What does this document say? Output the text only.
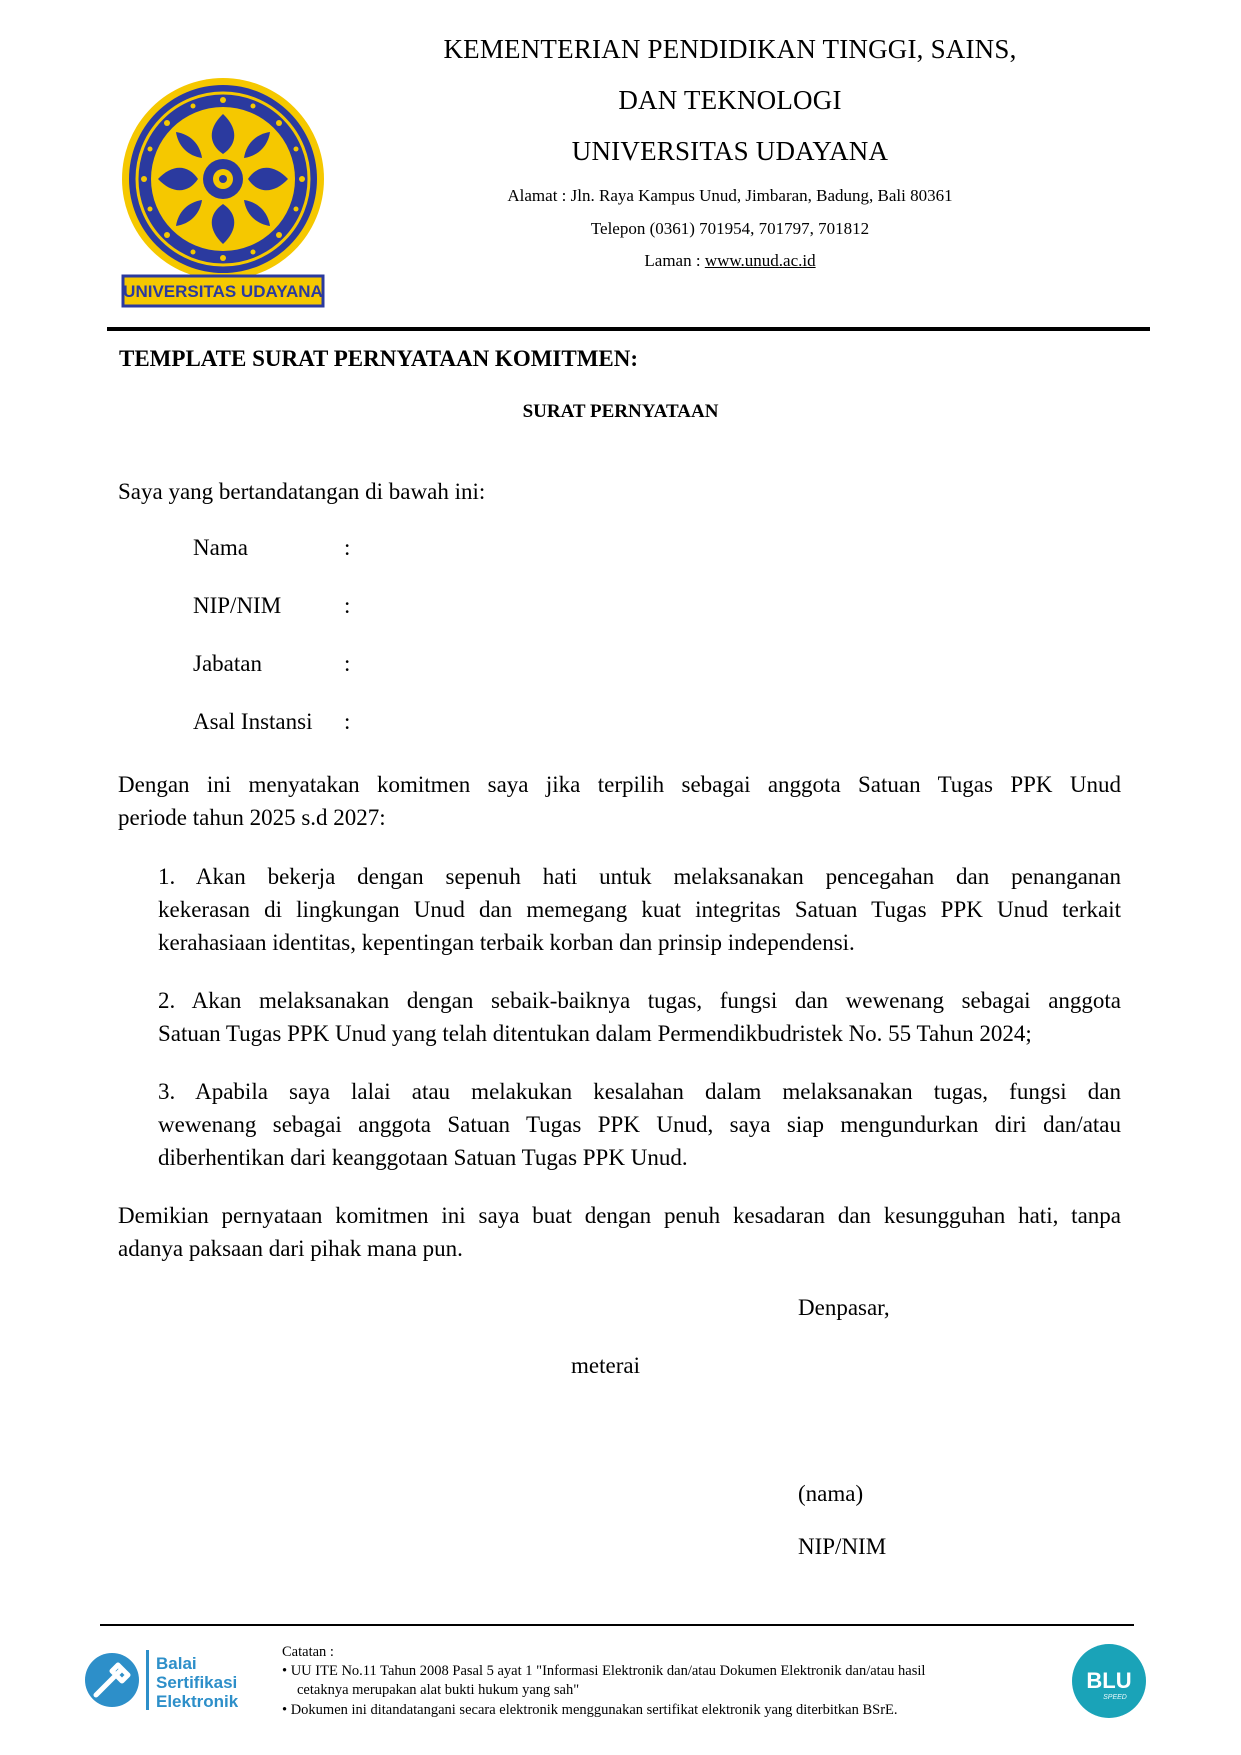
UNIVERSITAS UDAYANA
KEMENTERIAN PENDIDIKAN TINGGI, SAINS,
DAN TEKNOLOGI
UNIVERSITAS UDAYANA
Alamat : Jln. Raya Kampus Unud, Jimbaran, Badung, Bali 80361
Telepon (0361) 701954, 701797, 701812
Laman : www.unud.ac.id
TEMPLATE SURAT PERNYATAAN KOMITMEN:
SURAT PERNYATAAN
Saya yang bertandatangan di bawah ini:
Nama	:
NIP/NIM	:
Jabatan	:
Asal Instansi :
Dengan ini menyatakan komitmen saya jika terpilih sebagai anggota Satuan Tugas PPK Unud
periode tahun 2025 s.d 2027:
1. Akan bekerja dengan sepenuh hati untuk melaksanakan pencegahan dan penanganan
kekerasan di lingkungan Unud dan memegang kuat integritas Satuan Tugas PPK Unud terkait
kerahasiaan identitas, kepentingan terbaik korban dan prinsip independensi.
2. Akan melaksanakan dengan sebaik-baiknya tugas, fungsi dan wewenang sebagai anggota
Satuan Tugas PPK Unud yang telah ditentukan dalam Permendikbudristek No. 55 Tahun 2024;
3. Apabila saya lalai atau melakukan kesalahan dalam melaksanakan tugas, fungsi dan
wewenang sebagai anggota Satuan Tugas PPK Unud, saya siap mengundurkan diri dan/atau
diberhentikan dari keanggotaan Satuan Tugas PPK Unud.
Demikian pernyataan komitmen ini saya buat dengan penuh kesadaran dan kesungguhan hati, tanpa
adanya paksaan dari pihak mana pun.
Denpasar,
meterai
(nama)
NIP/NIM
Balai
Sertifikasi
Elektronik
Catatan :
• UU ITE No.11 Tahun 2008 Pasal 5 ayat 1 "Informasi Elektronik dan/atau Dokumen Elektronik dan/atau hasil
cetaknya merupakan alat bukti hukum yang sah"
• Dokumen ini ditandatangani secara elektronik menggunakan sertifikat elektronik yang diterbitkan BSrE.
BLU
SPEED
